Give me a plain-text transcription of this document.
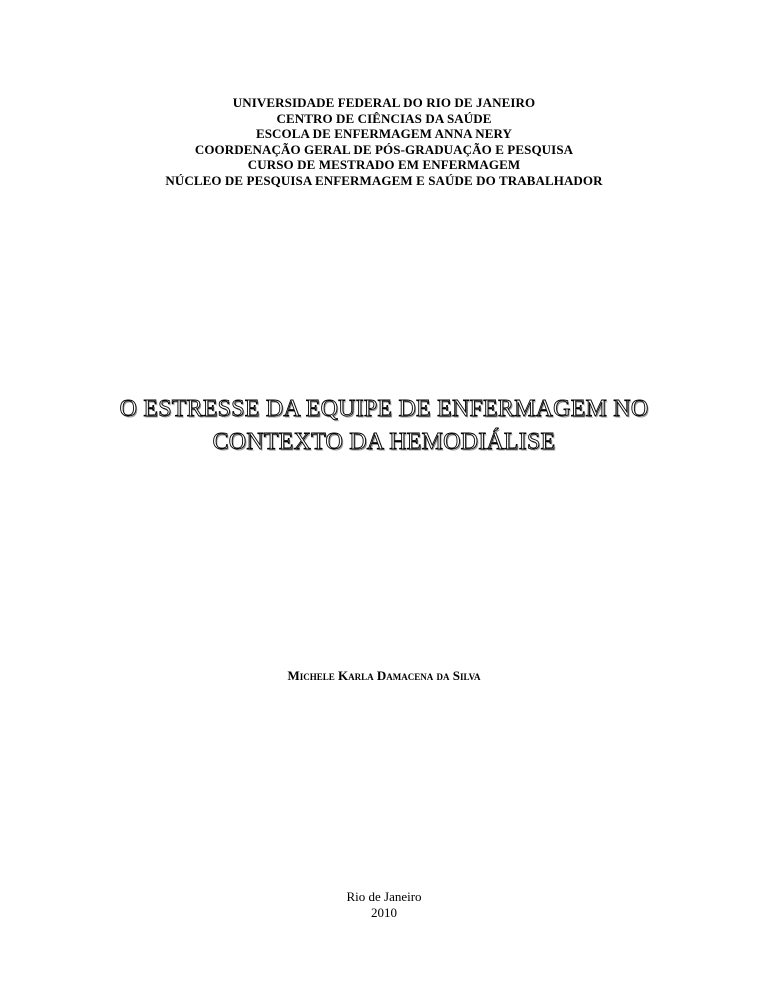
UNIVERSIDADE FEDERAL DO RIO DE JANEIRO
CENTRO DE CIÊNCIAS DA SAÚDE
ESCOLA DE ENFERMAGEM ANNA NERY
COORDENAÇÃO GERAL DE PÓS-GRADUAÇÃO E PESQUISA
CURSO DE MESTRADO EM ENFERMAGEM
NÚCLEO DE PESQUISA ENFERMAGEM E SAÚDE DO TRABALHADOR
O ESTRESSE DA EQUIPE DE ENFERMAGEM NO
CONTEXTO DA HEMODIÁLISE
Michele Karla Damacena da Silva
Rio de Janeiro
2010
